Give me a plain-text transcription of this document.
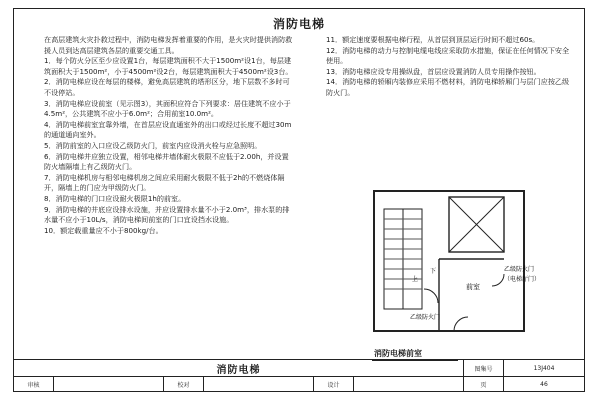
消防电梯

在高层建筑火灾扑救过程中，消防电梯发挥着重要的作用，是火灾时提供消防救援人员到达高层建筑各层的重要交通工具。

1．每个防火分区至少应设置1台，每层建筑面积不大于1500m²设1台，每层建筑面积大于1500m²，小于4500m²设2台，每层建筑面积大于4500m²设3台。

2．消防电梯应设在每层的楼梯，避免高层建筑的塔形区分，地下层数不多时可不设停站。

3．消防电梯应设前室（见示图3），其面积应符合下列要求：居住建筑不应小于4.5m²，公共建筑不应小于6.0m²；合用前室10.0m²。

4．消防电梯前室宜靠外墙，在首层应设直通室外的出口或经过长度不超过30m的通道通向室外。

5．消防前室的入口应设乙级防火门，前室内应设消火栓与应急照明。

6．消防电梯井应独立设置，相邻电梯井墙体耐火极限不应低于2.00h，并设置防火墙隔墙上有乙级防火门。

7．消防电梯机房与相邻电梯机房之间应采用耐火极限不低于2h的不燃烧体隔开，隔墙上的门应为甲级防火门。

8．消防电梯的门口应设耐火极限1h的前室。

9．消防电梯的井底应设排水设施，并应设置排水量不小于2.0m³，排水泵的排水量不应小于10L/s，消防电梯间前室的门口宜设挡水设施。

10．额定载重量应不小于800kg/台。

11．额定速度要根据电梯行程，从首层到顶层运行时间不超过60s。

12．消防电梯的动力与控制电缆电线应采取防水措施，保证在任何情况下安全使用。

13．消防电梯应设专用操纵盘，首层应设置消防人员专用操作按钮。

14．消防电梯的轿厢内装修应采用不燃材料，消防电梯轿厢门与层门应按乙级防火门。

上
下
前室
乙级防火门
（电梯厅门）
乙级防火门
消防电梯前室
消防电梯	图集号	13J404
审核	校对	设计	页	46
